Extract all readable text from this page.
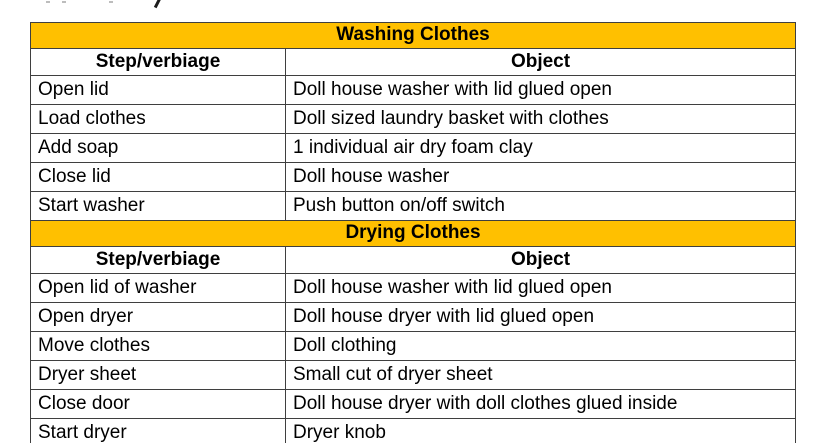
Washing Clothes	
Step/verbiage	Object
Open lid	Doll house washer with lid glued open
Load clothes	Doll sized laundry basket with clothes
Add soap	1 individual air dry foam clay
Close lid	Doll house washer
Start washer	Push button on/off switch
Drying Clothes	
Step/verbiage	Object
Open lid of washer	Doll house washer with lid glued open
Open dryer	Doll house dryer with lid glued open
Move clothes	Doll clothing
Dryer sheet	Small cut of dryer sheet
Close door	Doll house dryer with doll clothes glued inside
Start dryer	Dryer knob
